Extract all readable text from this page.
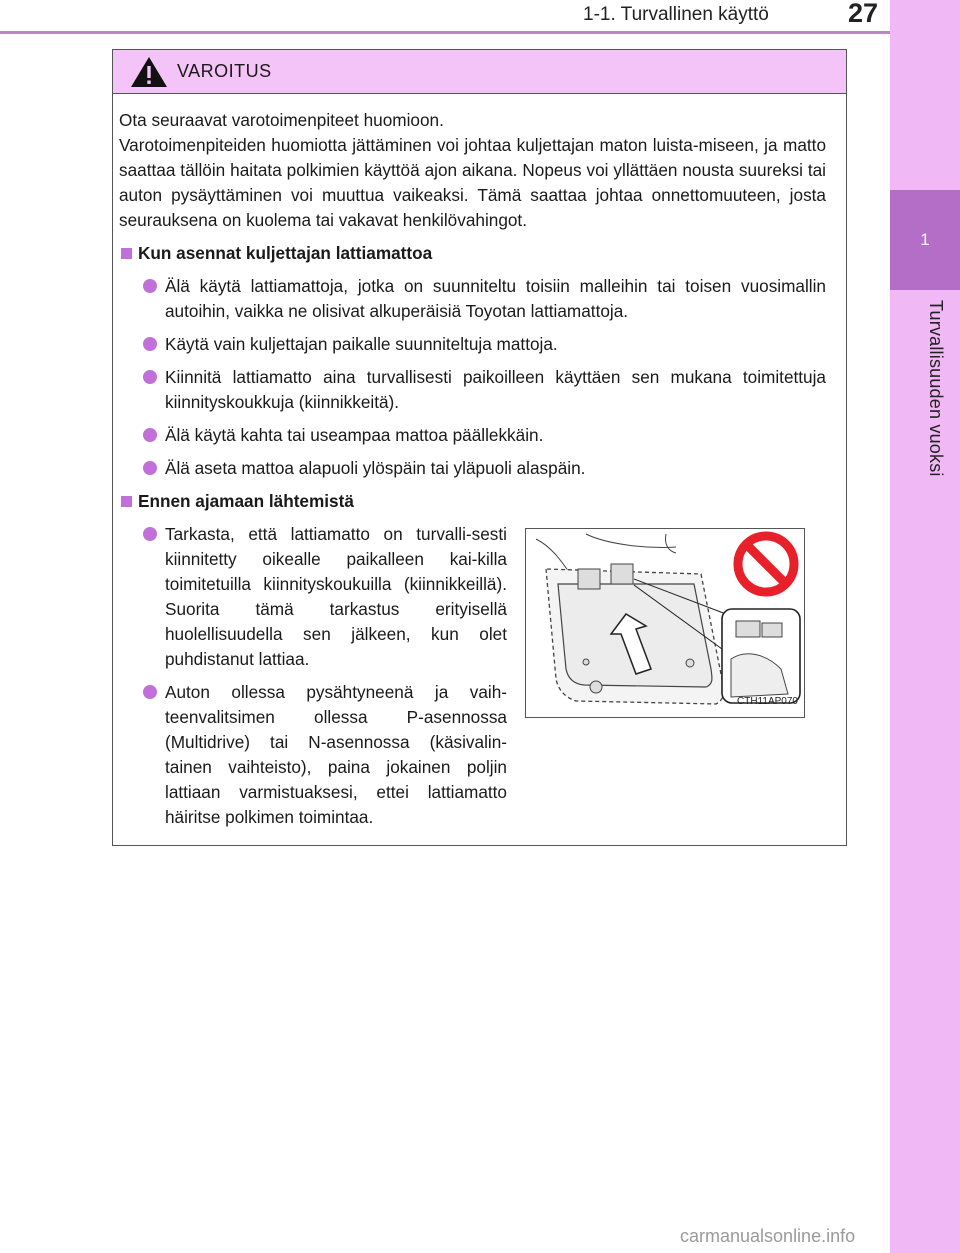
1-1. Turvallinen käyttö	27
1
Turvallisuuden vuoksi
VAROITUS

Ota seuraavat varotoimenpiteet huomioon.

Varotoimenpiteiden huomiotta jättäminen voi johtaa kuljettajan maton luista-miseen, ja matto saattaa tällöin haitata polkimien käyttöä ajon aikana. Nopeus voi yllättäen nousta suureksi tai auton pysäyttäminen voi muuttua vaikeaksi. Tämä saattaa johtaa onnettomuuteen, josta seurauksena on kuolema tai vakavat henkilövahingot.

Kun asennat kuljettajan lattiamattoa
Älä käytä lattiamattoja, jotka on suunniteltu toisiin malleihin tai toisen vuosimallin autoihin, vaikka ne olisivat alkuperäisiä Toyotan lattiamattoja.
Käytä vain kuljettajan paikalle suunniteltuja mattoja.
Kiinnitä lattiamatto aina turvallisesti paikoilleen käyttäen sen mukana toimitettuja kiinnityskoukkuja (kiinnikkeitä).
Älä käytä kahta tai useampaa mattoa päällekkäin.
Älä aseta mattoa alapuoli ylöspäin tai yläpuoli alaspäin.
Ennen ajamaan lähtemistä
Tarkasta, että lattiamatto on turvalli-sesti kiinnitetty oikealle paikalleen kai-killa toimitetuilla kiinnityskoukuilla (kiinnikkeillä). Suorita tämä tarkastus erityisellä huolellisuudella sen jälkeen, kun olet puhdistanut lattiaa.
Auton ollessa pysähtyneenä ja vaih-teenvalitsimen ollessa P-asennossa (Multidrive) tai N-asennossa (käsivalin-tainen vaihteisto), paina jokainen poljin lattiaan varmistuaksesi, ettei lattiamatto häiritse polkimen toimintaa.
CTH11AP070
carmanualsonline.info
